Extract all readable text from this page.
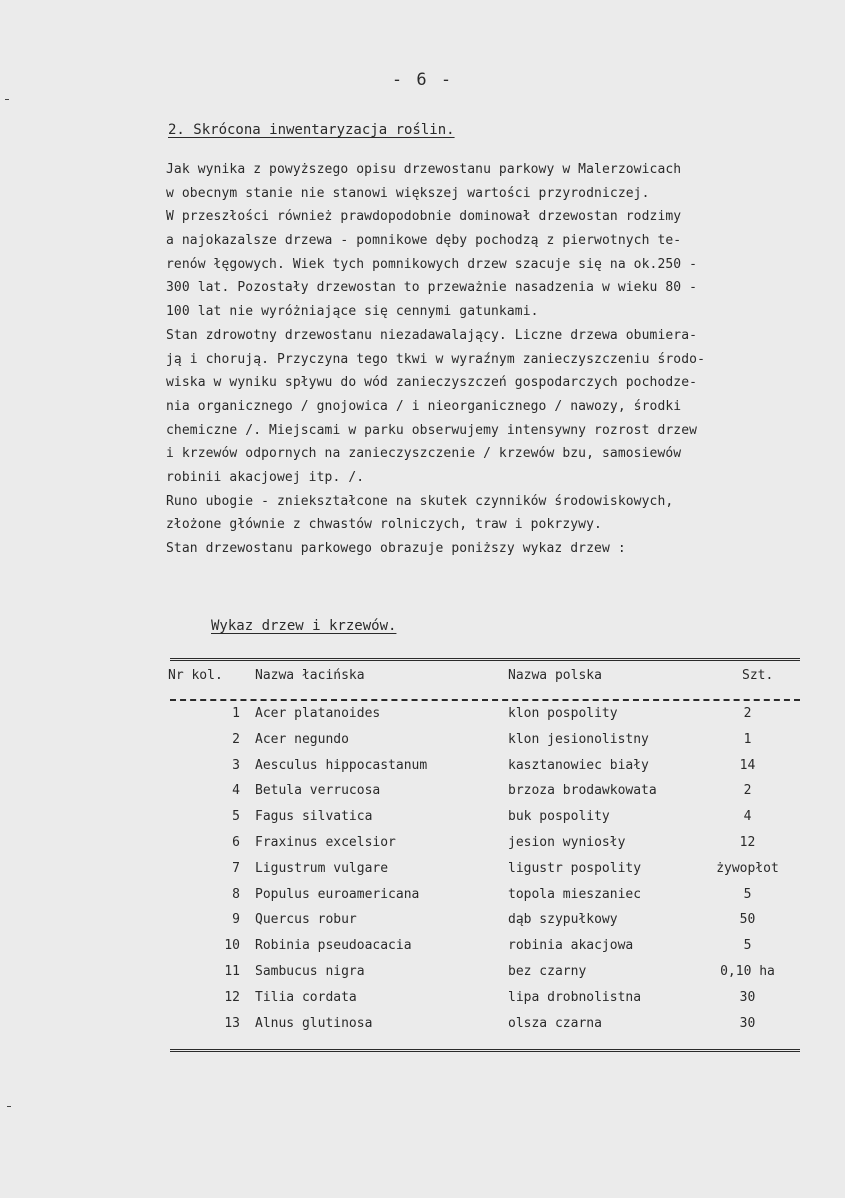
- 6 -
2. Skrócona inwentaryzacja roślin.
Jak wynika z powyższego opisu drzewostanu parkowy w Malerzowicach
w obecnym stanie nie stanowi większej wartości przyrodniczej.
W przeszłości również prawdopodobnie dominował drzewostan rodzimy
a najokazalsze drzewa - pomnikowe dęby pochodzą z pierwotnych te-
renów łęgowych. Wiek tych pomnikowych drzew szacuje się na ok.250 -
300 lat. Pozostały drzewostan to przeważnie nasadzenia w wieku 80 -
100 lat nie wyróżniające się cennymi gatunkami.
Stan zdrowotny drzewostanu niezadawalający. Liczne drzewa obumiera-
ją i chorują. Przyczyna tego tkwi w wyraźnym zanieczyszczeniu środo-
wiska w wyniku spływu do wód zanieczyszczeń gospodarczych pochodze-
nia organicznego / gnojowica / i nieorganicznego / nawozy, środki
chemiczne /. Miejscami w parku obserwujemy intensywny rozrost drzew
i krzewów odpornych na zanieczyszczenie / krzewów bzu, samosiewów
robinii akacjowej itp. /.
Runo ubogie - zniekształcone na skutek czynników środowiskowych,
złożone głównie z chwastów rolniczych, traw i pokrzywy.
Stan drzewostanu parkowego obrazuje poniższy wykaz drzew :
Wykaz drzew i krzewów.
Nr kol. Nazwa łacińska	Nazwa polska	Szt.
1 Acer platanoides	klon pospolity	2
2 Acer negundo	klon jesionolistny	1
3 Aesculus hippocastanum	kasztanowiec biały	14
4 Betula verrucosa	brzoza brodawkowata	2
5 Fagus silvatica	buk pospolity	4
6 Fraxinus excelsior	jesion wyniosły	12
7 Ligustrum vulgare	ligustr pospolity	żywopłot
8 Populus euroamericana	topola mieszaniec	5
9 Quercus robur	dąb szypułkowy	50
10 Robinia pseudoacacia	robinia akacjowa	5
11 Sambucus nigra	bez czarny	0,10 ha
12 Tilia cordata	lipa drobnolistna	30
13 Alnus glutinosa	olsza czarna	30
